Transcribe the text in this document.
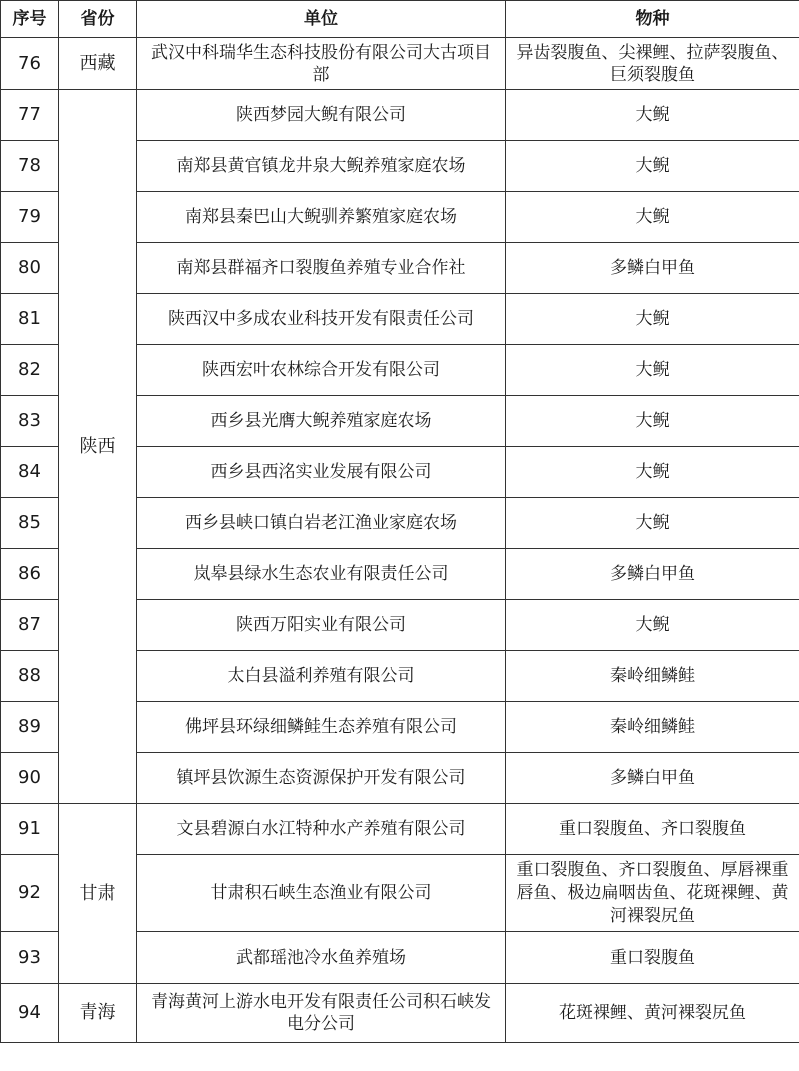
序号	省份	单位	物种
76	西藏	武汉中科瑞华生态科技股份有限公司大古项目部	异齿裂腹鱼、尖裸鲤、拉萨裂腹鱼、巨须裂腹鱼
77	陕西	陕西梦园大鲵有限公司	大鲵
78		南郑县黄官镇龙井泉大鲵养殖家庭农场	大鲵
79		南郑县秦巴山大鲵驯养繁殖家庭农场	大鲵
80		南郑县群福齐口裂腹鱼养殖专业合作社	多鳞白甲鱼
81		陕西汉中多成农业科技开发有限责任公司	大鲵
82		陕西宏叶农林综合开发有限公司	大鲵
83		西乡县光膺大鲵养殖家庭农场	大鲵
84		西乡县西洺实业发展有限公司	大鲵
85		西乡县峡口镇白岩老江渔业家庭农场	大鲵
86		岚皋县绿水生态农业有限责任公司	多鳞白甲鱼
87		陕西万阳实业有限公司	大鲵
88		太白县溢利养殖有限公司	秦岭细鳞鲑
89		佛坪县环绿细鳞鲑生态养殖有限公司	秦岭细鳞鲑
90		镇坪县饮源生态资源保护开发有限公司	多鳞白甲鱼
91	甘肃	文县碧源白水江特种水产养殖有限公司	重口裂腹鱼、齐口裂腹鱼
92		甘肃积石峡生态渔业有限公司	重口裂腹鱼、齐口裂腹鱼、厚唇裸重唇鱼、极边扁咽齿鱼、花斑裸鲤、黄河裸裂尻鱼
93		武都瑶池冷水鱼养殖场	重口裂腹鱼
94	青海	青海黄河上游水电开发有限责任公司积石峡发电分公司	花斑裸鲤、黄河裸裂尻鱼
